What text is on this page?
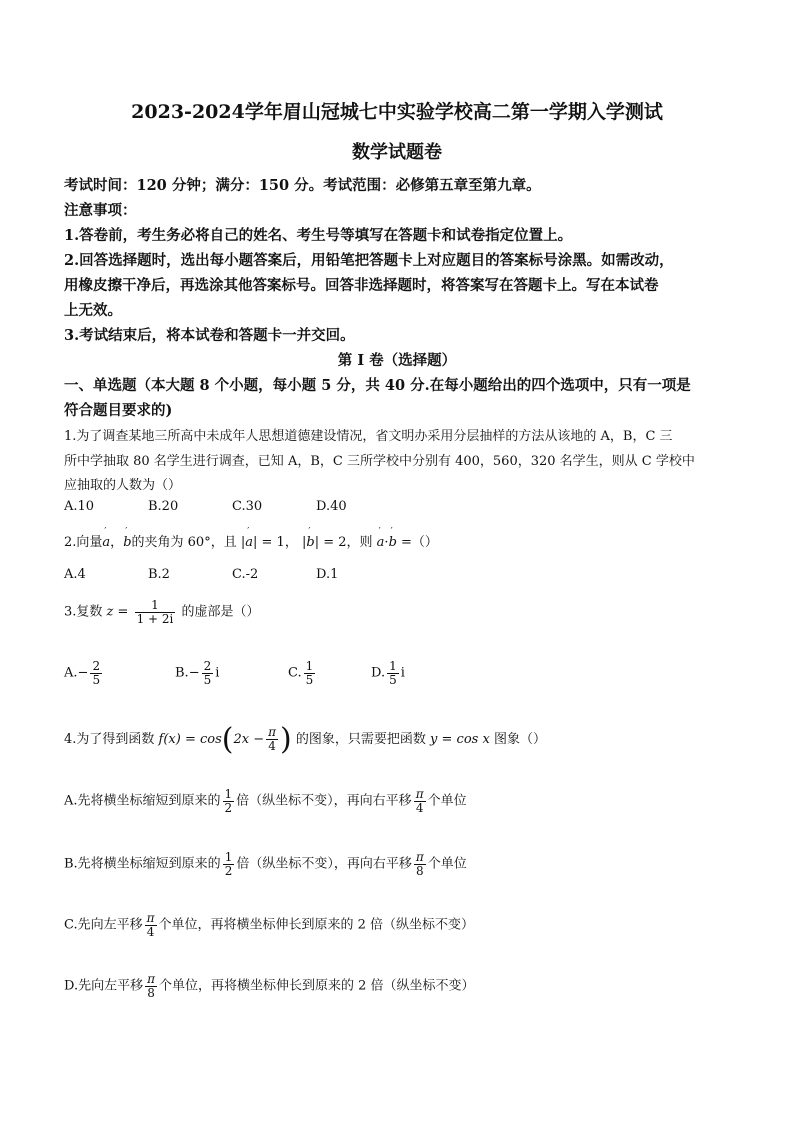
2023-2024学年眉山冠城七中实验学校高二第一学期入学测试
数学试题卷
考试时间：120 分钟；满分：150 分。考试范围：必修第五章至第九章。
注意事项：
1.答卷前，考生务必将自己的姓名、考生号等填写在答题卡和试卷指定位置上。
2.回答选择题时，选出每小题答案后，用铅笔把答题卡上对应题目的答案标号涂黑。如需改动，
用橡皮擦干净后，再选涂其他答案标号。回答非选择题时，将答案写在答题卡上。写在本试卷
上无效。
3.考试结束后，将本试卷和答题卡一并交回。
第 I 卷（选择题）
一、单选题（本大题 8 个小题，每小题 5 分，共 40 分.在每小题给出的四个选项中，只有一项是
符合题目要求的)
1.为了调查某地三所高中未成年人思想道德建设情况，省文明办采用分层抽样的方法从该地的 A，B，C 三
所中学抽取 80 名学生进行调查，已知 A，B，C 三所学校中分别有 400，560，320 名学生，则从 C 学校中
应抽取的人数为（）
A.10	B.20	C.30	D.40
2.向量′ a，′ b的夹角为 60°，且 |′ a| = 1， |′ b| = 2，则 ′ a·′ b =（）
A.4	B.2	C.-2	D.1
3.复数 $z = \frac{1}{1 + 2i}$ 的虚部是（）
$A.- \frac{2}{5}$	$B.- \frac{2}{5}$ i	C. $\frac{1}{5}$	D. $\frac{1}{5}$ i
4.为了得到函数 $f(x) = \cos(2x - \frac{\pi}{4}$ ) 的图象，只需要把函数 y = cos x 图象（）
A.先将横坐标缩短到原来的 $\frac{1}{2}$ 倍（纵坐标不变），再向右平移 $\frac{\pi}{4}$ 个单位
B.先将横坐标缩短到原来的 $\frac{1}{2}$ 倍（纵坐标不变），再向右平移 $\frac{\pi}{8}$ 个单位
C.先向左平移 $\frac{\pi}{4}$ 个单位，再将横坐标伸长到原来的 2 倍（纵坐标不变）
D.先向左平移 $\frac{\pi}{8}$ 个单位，再将横坐标伸长到原来的 2 倍（纵坐标不变）
